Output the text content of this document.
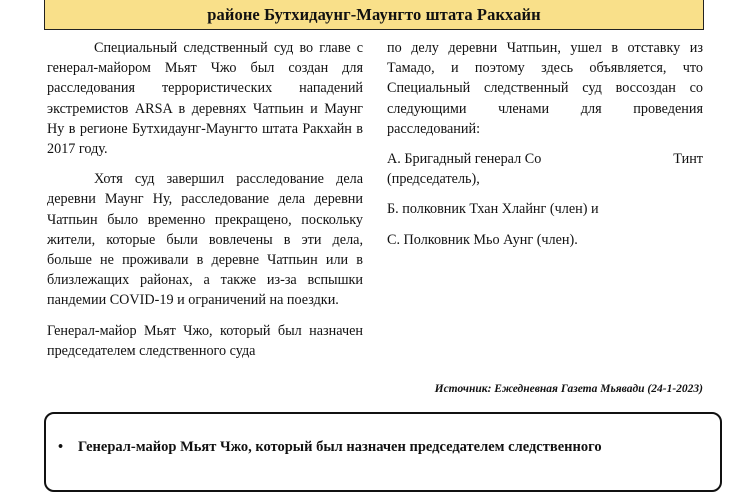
районе Бутхидаунг-Маунгто штата Ракхайн

Специальный следственный суд во главе с генерал-майором Мьят Чжо был создан для расследования террористических нападений экстремистов ARSA в деревнях Чатпьин и Маунг Ну в регионе Бутхидаунг-Маунгто штата Ракхайн в 2017 году.

Хотя суд завершил расследование дела деревни Маунг Ну, расследование дела деревни Чатпьин было временно прекращено, поскольку жители, которые были вовлечены в эти дела, больше не проживали в деревне Чатпьин или в близлежащих районах, а также из-за вспышки пандемии COVID-19 и ограничений на поездки.

Генерал-майор Мьят Чжо, который был назначен председателем следственного суда

по делу деревни Чатпьин, ушел в отставку из Тамадо, и поэтому здесь объявляется, что Специальный следственный суд воссоздан со следующими членами для проведения расследований:

А. Бригадный генерал Со	Тинт

(председатель),

Б. полковник Тхан Хлайнг (член) и

С. Полковник Мьо Аунг (член).

Источник: Ежедневная Газета Мьявади (24-1-2023)
•	Генерал-майор Мьят Чжо, который был назначен председателем следственного
